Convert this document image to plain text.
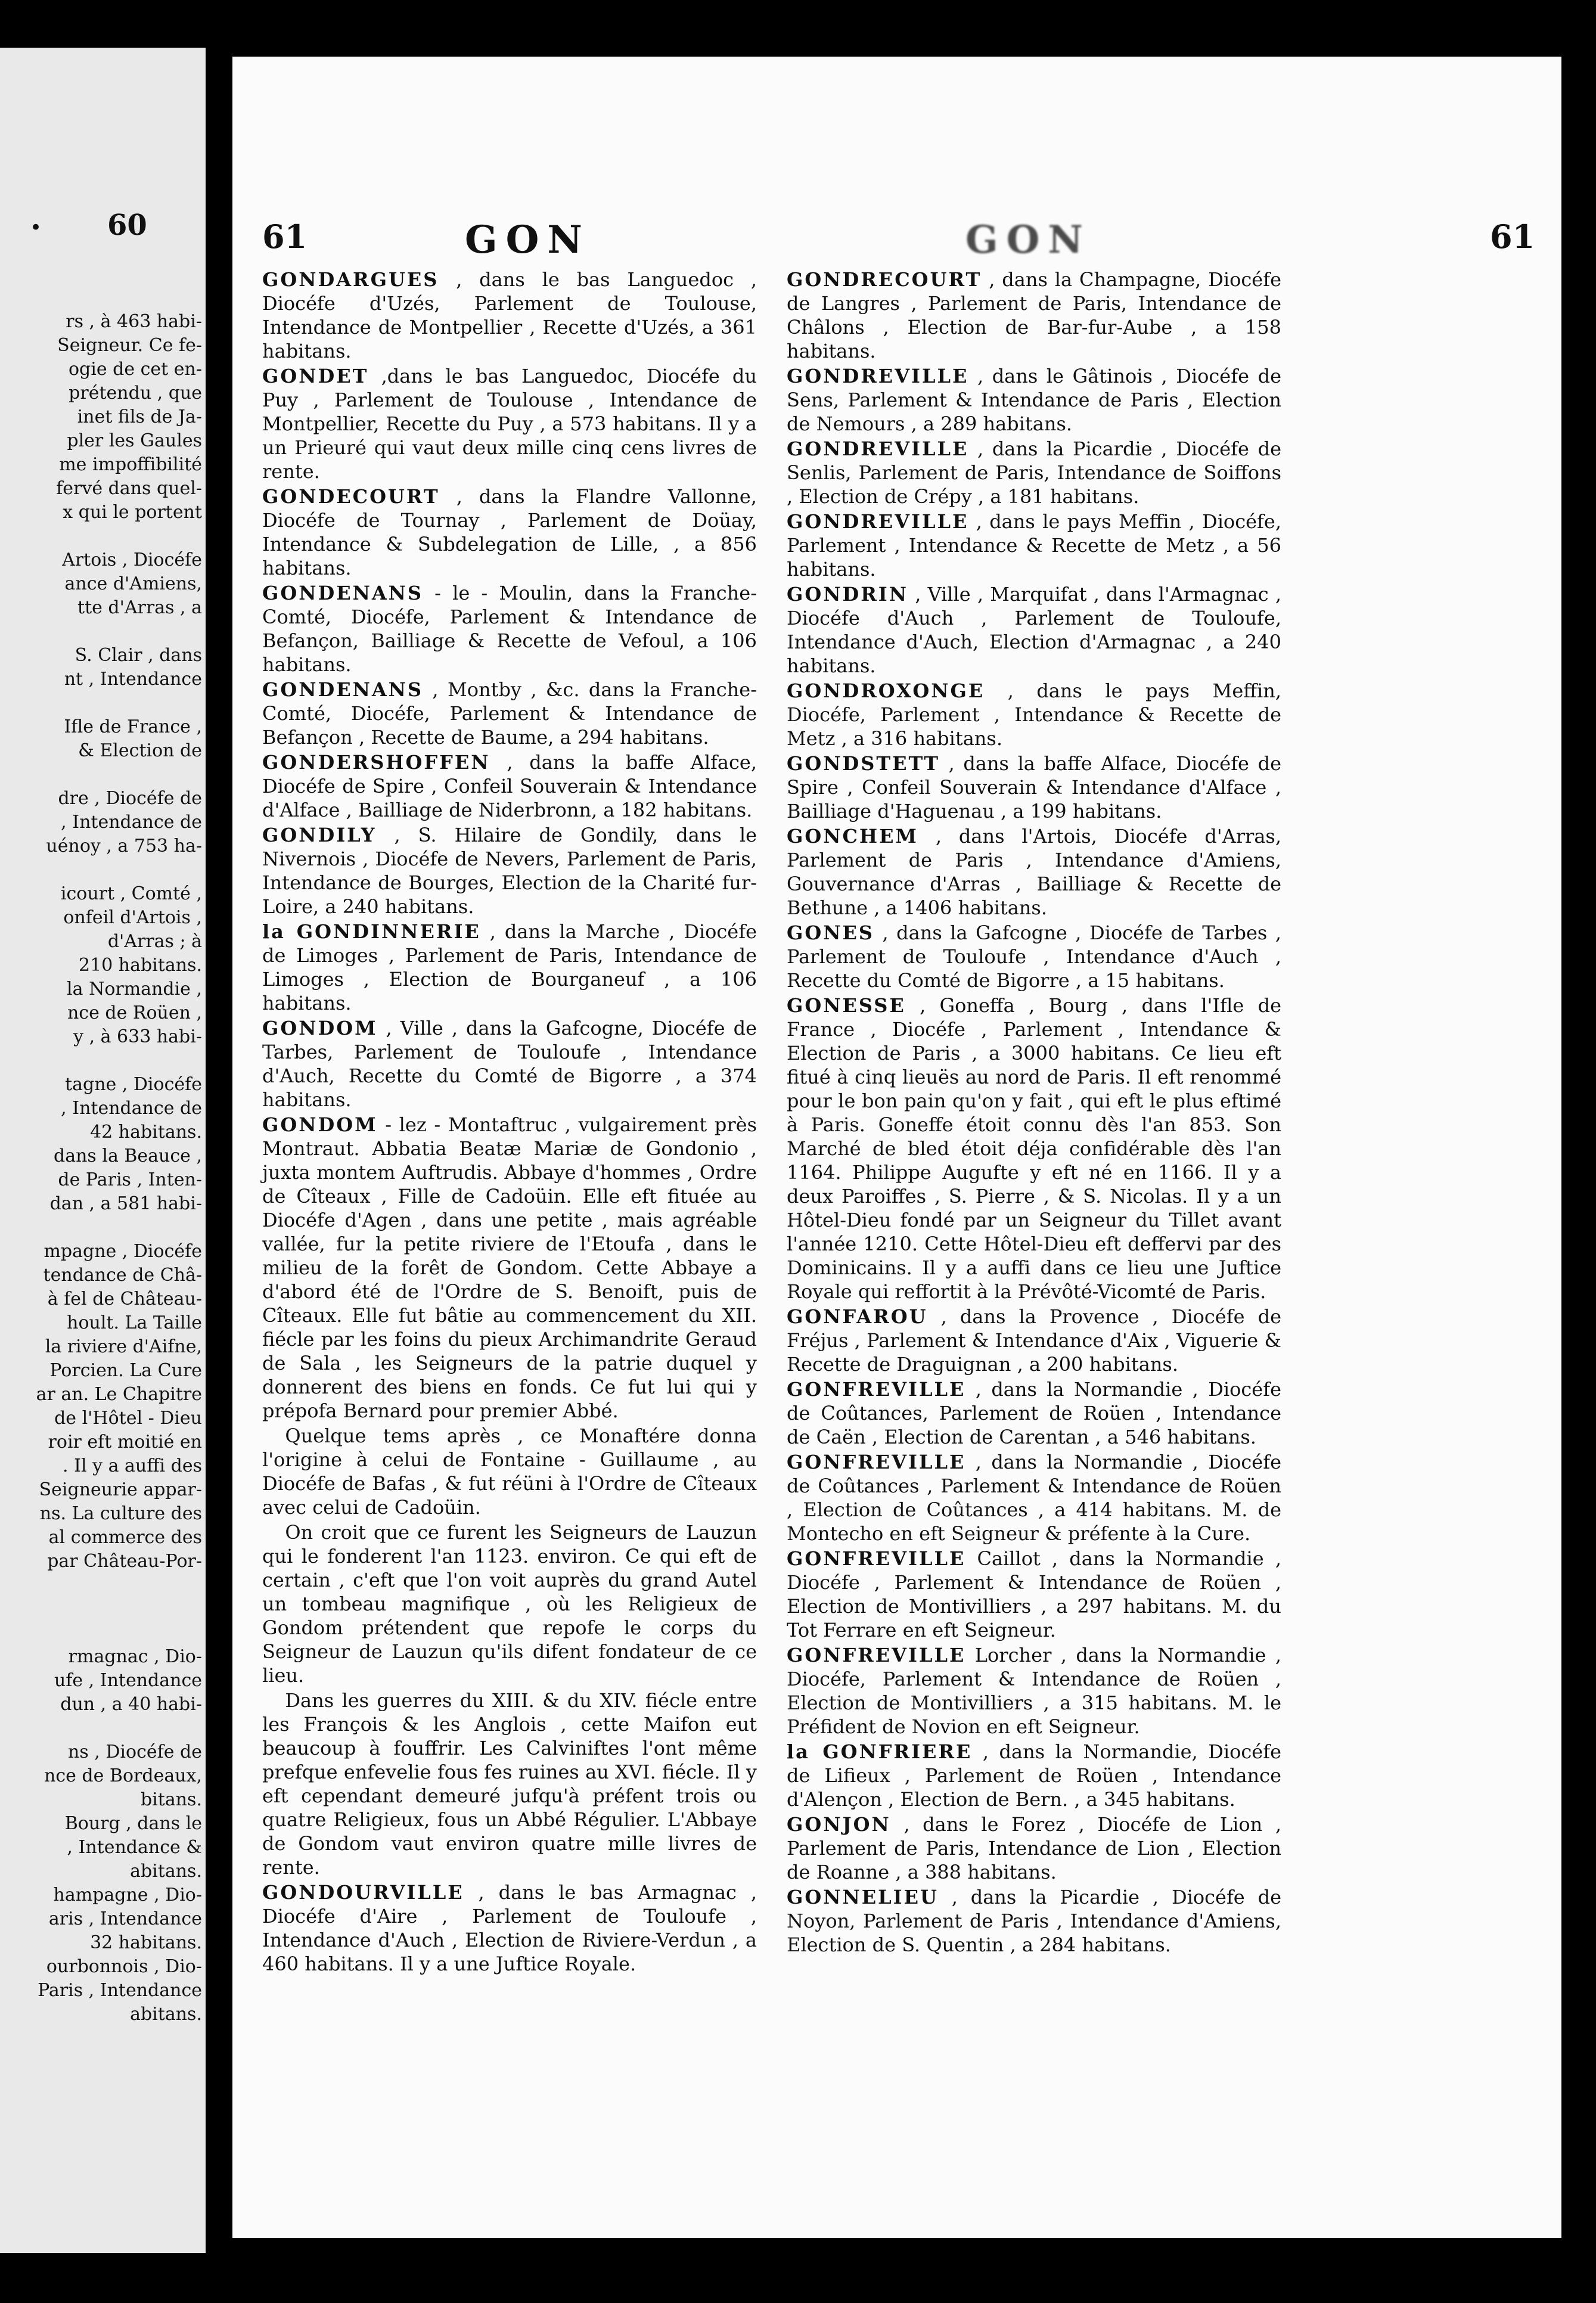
• 60
rs , à 463 habi-
Seigneur. Ce fe-
ogie de cet en-
prétendu , que
inet fils de Ja-
pler les Gaules
me impoffibilité
fervé dans quel-
x qui le portent

Artois , Diocéfe
ance d'Amiens,
tte d'Arras , a

S. Clair , dans
nt , Intendance

Ifle de France ,
& Election de

dre , Diocéfe de
, Intendance de
uénoy , a 753 ha-

icourt , Comté ,
onfeil d'Artois ,
d'Arras ; à
210 habitans.
la Normandie ,
nce de Roüen ,
y , à 633 habi-

tagne , Diocéfe
, Intendance de
42 habitans.
dans la Beauce ,
de Paris , Inten-
dan , a 581 habi-

mpagne , Diocéfe
tendance de Châ-
à fel de Château-
hoult. La Taille
la riviere d'Aifne,
Porcien. La Cure
ar an. Le Chapitre
de l'Hôtel - Dieu
roir eft moitié en
. Il y a auffi des
Seigneurie appar-
ns. La culture des
al commerce des
par Château-Por-

rmagnac , Dio-
ufe , Intendance
dun , a 40 habi-

ns , Diocéfe de
nce de Bordeaux,
bitans.
Bourg , dans le
, Intendance &
abitans.
hampagne , Dio-
aris , Intendance
32 habitans.
ourbonnois , Dio-
Paris , Intendance
abitans.
61	GON	GON	61

GONDARGUES , dans le bas Languedoc , Diocéfe d'Uzés, Parlement de Toulouse, Intendance de Montpellier , Recette d'Uzés, a 361 habitans.

GONDET ,dans le bas Languedoc, Diocéfe du Puy , Parlement de Toulouse , Intendance de Montpellier, Recette du Puy , a 573 habitans. Il y a un Prieuré qui vaut deux mille cinq cens livres de rente.

GONDECOURT , dans la Flandre Vallonne, Diocéfe de Tournay , Parlement de Doüay, Intendance & Subdelegation de Lille, , a 856 habitans.

GONDENANS - le - Moulin, dans la Franche-Comté, Diocéfe, Parlement & Intendance de Befançon, Bailliage & Recette de Vefoul, a 106 habitans.

GONDENANS , Montby , &c. dans la Franche-Comté, Diocéfe, Parlement & Intendance de Befançon , Recette de Baume, a 294 habitans.

GONDERSHOFFEN , dans la baffe Alface, Diocéfe de Spire , Confeil Souverain & Intendance d'Alface , Bailliage de Niderbronn, a 182 habitans.

GONDILY , S. Hilaire de Gondily, dans le Nivernois , Diocéfe de Nevers, Parlement de Paris, Intendance de Bourges, Election de la Charité fur-Loire, a 240 habitans.

la GONDINNERIE , dans la Marche , Diocéfe de Limoges , Parlement de Paris, Intendance de Limoges , Election de Bourganeuf , a 106 habitans.

GONDOM , Ville , dans la Gafcogne, Diocéfe de Tarbes, Parlement de Touloufe , Intendance d'Auch, Recette du Comté de Bigorre , a 374 habitans.

GONDOM - lez - Montaftruc , vulgairement près Montraut. Abbatia Beatæ Mariæ de Gondonio , juxta montem Auftrudis. Abbaye d'hommes , Ordre de Cîteaux , Fille de Cadoüin. Elle eft fituée au Diocéfe d'Agen , dans une petite , mais agréable vallée, fur la petite riviere de l'Etoufa , dans le milieu de la forêt de Gondom. Cette Abbaye a d'abord été de l'Ordre de S. Benoift, puis de Cîteaux. Elle fut bâtie au commencement du XII. fiécle par les foins du pieux Archimandrite Geraud de Sala , les Seigneurs de la patrie duquel y donnerent des biens en fonds. Ce fut lui qui y prépofa Bernard pour premier Abbé.

Quelque tems après , ce Monaftére donna l'origine à celui de Fontaine - Guillaume , au Diocéfe de Bafas , & fut réüni à l'Ordre de Cîteaux avec celui de Cadoüin.

On croit que ce furent les Seigneurs de Lauzun qui le fonderent l'an 1123. environ. Ce qui eft de certain , c'eft que l'on voit auprès du grand Autel un tombeau magnifique , où les Religieux de Gondom prétendent que repofe le corps du Seigneur de Lauzun qu'ils difent fondateur de ce lieu.

Dans les guerres du XIII. & du XIV. fiécle entre les François & les Anglois , cette Maifon eut beaucoup à fouffrir. Les Calviniftes l'ont même prefque enfevelie fous fes ruines au XVI. fiécle. Il y eft cependant demeuré jufqu'à préfent trois ou quatre Religieux, fous un Abbé Régulier. L'Abbaye de Gondom vaut environ quatre mille livres de rente.

GONDOURVILLE , dans le bas Armagnac , Diocéfe d'Aire , Parlement de Touloufe , Intendance d'Auch , Election de Riviere-Verdun , a 460 habitans. Il y a une Juftice Royale.

GONDRECOURT , dans la Champagne, Diocéfe de Langres , Parlement de Paris, Intendance de Châlons , Election de Bar-fur-Aube , a 158 habitans.

GONDREVILLE , dans le Gâtinois , Diocéfe de Sens, Parlement & Intendance de Paris , Election de Nemours , a 289 habitans.

GONDREVILLE , dans la Picardie , Diocéfe de Senlis, Parlement de Paris, Intendance de Soiffons , Election de Crépy , a 181 habitans.

GONDREVILLE , dans le pays Meffin , Diocéfe, Parlement , Intendance & Recette de Metz , a 56 habitans.

GONDRIN , Ville , Marquifat , dans l'Armagnac , Diocéfe d'Auch , Parlement de Touloufe, Intendance d'Auch, Election d'Armagnac , a 240 habitans.

GONDROXONGE , dans le pays Meffin, Diocéfe, Parlement , Intendance & Recette de Metz , a 316 habitans.

GONDSTETT , dans la baffe Alface, Diocéfe de Spire , Confeil Souverain & Intendance d'Alface , Bailliage d'Haguenau , a 199 habitans.

GONCHEM , dans l'Artois, Diocéfe d'Arras, Parlement de Paris , Intendance d'Amiens, Gouvernance d'Arras , Bailliage & Recette de Bethune , a 1406 habitans.

GONES , dans la Gafcogne , Diocéfe de Tarbes , Parlement de Touloufe , Intendance d'Auch , Recette du Comté de Bigorre , a 15 habitans.

GONESSE , Goneffa , Bourg , dans l'Ifle de France , Diocéfe , Parlement , Intendance & Election de Paris , a 3000 habitans. Ce lieu eft fitué à cinq lieuës au nord de Paris. Il eft renommé pour le bon pain qu'on y fait , qui eft le plus eftimé à Paris. Goneffe étoit connu dès l'an 853. Son Marché de bled étoit déja confidérable dès l'an 1164. Philippe Augufte y eft né en 1166. Il y a deux Paroiffes , S. Pierre , & S. Nicolas. Il y a un Hôtel-Dieu fondé par un Seigneur du Tillet avant l'année 1210. Cette Hôtel-Dieu eft deffervi par des Dominicains. Il y a auffi dans ce lieu une Juftice Royale qui reffortit à la Prévôté-Vicomté de Paris.

GONFAROU , dans la Provence , Diocéfe de Fréjus , Parlement & Intendance d'Aix , Viguerie & Recette de Draguignan , a 200 habitans.

GONFREVILLE , dans la Normandie , Diocéfe de Coûtances, Parlement de Roüen , Intendance de Caën , Election de Carentan , a 546 habitans.

GONFREVILLE , dans la Normandie , Diocéfe de Coûtances , Parlement & Intendance de Roüen , Election de Coûtances , a 414 habitans. M. de Montecho en eft Seigneur & préfente à la Cure.

GONFREVILLE Caillot , dans la Normandie , Diocéfe , Parlement & Intendance de Roüen , Election de Montivilliers , a 297 habitans. M. du Tot Ferrare en eft Seigneur.

GONFREVILLE Lorcher , dans la Normandie , Diocéfe, Parlement & Intendance de Roüen , Election de Montivilliers , a 315 habitans. M. le Préfident de Novion en eft Seigneur.

la GONFRIERE , dans la Normandie, Diocéfe de Lifieux , Parlement de Roüen , Intendance d'Alençon , Election de Bern. , a 345 habitans.

GONJON , dans le Forez , Diocéfe de Lion , Parlement de Paris, Intendance de Lion , Election de Roanne , a 388 habitans.

GONNELIEU , dans la Picardie , Diocéfe de Noyon, Parlement de Paris , Intendance d'Amiens, Election de S. Quentin , a 284 habitans.
